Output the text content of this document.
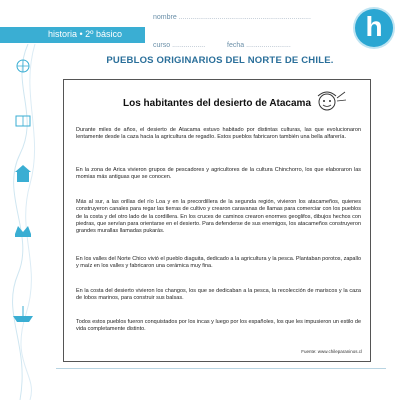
historia • 2º básico
nombre ....................................................................
curso .................	fecha .......................
h
PUEBLOS ORIGINARIOS DEL NORTE DE CHILE.
Los habitantes del desierto de Atacama
Durante miles de años, el desierto de Atacama estuvo habitado por distintas culturas, las que evolucionaron lentamente desde la caza hacia la agricultura de regadío. Estos pueblos fabricaron también una bella alfarería.
En la zona de Arica vivieron grupos de pescadores y agricultores de la cultura Chinchorro, los que elaboraron las momias más antiguas que se conocen.
Más al sur, a las orillas del río Loa y en la precordillera de la segunda región, vivieron los atacameños, quienes construyeron canales para regar las tierras de cultivo y crearon caravanas de llamas para comerciar con los pueblos de la costa y del otro lado de la cordillera. En los cruces de caminos crearon enormes geoglifos, dibujos hechos con piedras, que servían para orientarse en el desierto. Para defenderse de sus enemigos, los atacameños construyeron grandes murallas llamadas pukarás.
En los valles del Norte Chico vivió el pueblo diaguita, dedicado a la agricultura y la pesca. Plantaban porotos, zapallo y maíz en los valles y fabricaron una cerámica muy fina.
En la costa del desierto vivieron los changos, los que se dedicaban a la pesca, la recolección de mariscos y la caza de lobos marinos, para construir sus balsas.
Todos estos pueblos fueron conquistados por los incas y luego por los españoles, los que les impusieron un estilo de vida completamente distinto.
Fuente: www.chileparaninos.cl
